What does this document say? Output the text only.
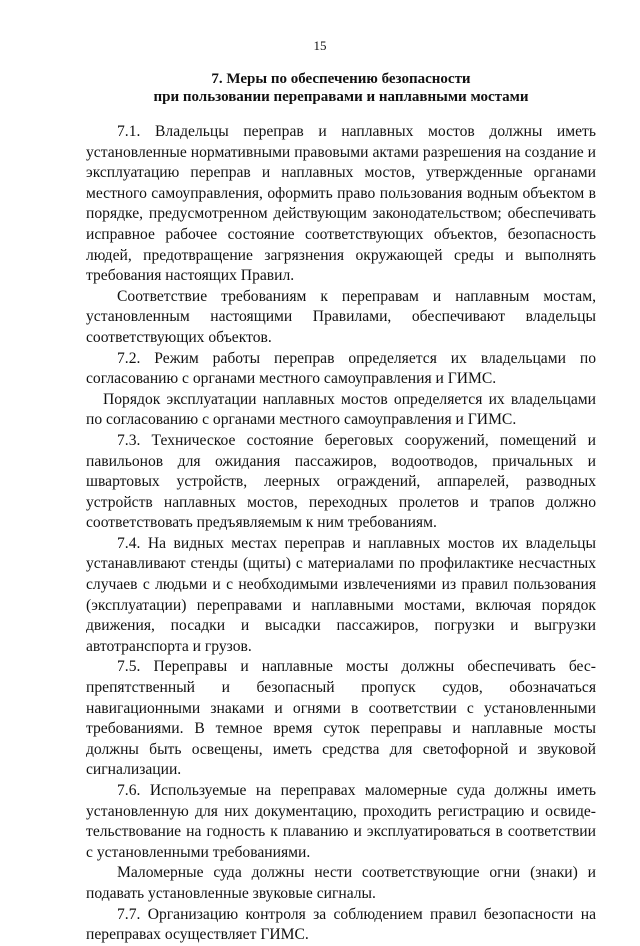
15
7. Меры по обеспечению безопасности
при пользовании переправами и наплавными мостами

7.1. Владельцы переправ и наплавных мостов должны иметь установленные нормативными правовыми актами разрешения на создание и эксплуатацию переправ и наплавных мостов, утвержденные органами местного самоуправления, оформить право пользования водным объектом в порядке, предусмотренном действующим законодательством; обеспечивать исправное рабочее состояние соответствующих объектов, безопасность людей, предотвращение загрязнения окружающей среды и выполнять требования настоящих Правил.

Соответствие требованиям к переправам и наплавным мостам, установленным настоящими Правилами, обеспечивают владельцы соответствующих объектов.

7.2. Режим работы переправ определяется их владельцами по согласованию с органами местного самоуправления и ГИМС.

Порядок эксплуатации наплавных мостов определяется их владельцами по согласованию с органами местного самоуправления и ГИМС.

7.3. Техническое состояние береговых сооружений, помещений и павильонов для ожидания пассажиров, водоотводов, причальных и швартовых устройств, леерных ограждений, аппарелей, разводных устройств наплавных мостов, переходных пролетов и трапов должно соответствовать предъявляемым к ним требованиям.

7.4. На видных местах переправ и наплавных мостов их владельцы устанавливают стенды (щиты) с материалами по профилактике несчастных случаев с людьми и с необходимыми извлечениями из правил пользования (эксплуатации) переправами и наплавными мостами, включая порядок движения, посадки и высадки пассажиров, погрузки и выгрузки автотранспорта и грузов.

7.5. Переправы и наплавные мосты должны обеспечивать беспрепятственный и безопасный пропуск судов, обозначаться навигационными знаками и огнями в соответствии с установленными требованиями. В темное время суток переправы и наплавные мосты должны быть освещены, иметь средства для светофорной и звуковой сигнализации.

7.6. Используемые на переправах маломерные суда должны иметь установленную для них документацию, проходить регистрацию и освидетельствование на годность к плаванию и эксплуатироваться в соответствии с установленными требованиями.

Маломерные суда должны нести соответствующие огни (знаки) и подавать установленные звуковые сигналы.

7.7. Организацию контроля за соблюдением правил безопасности на переправах осуществляет ГИМС.
